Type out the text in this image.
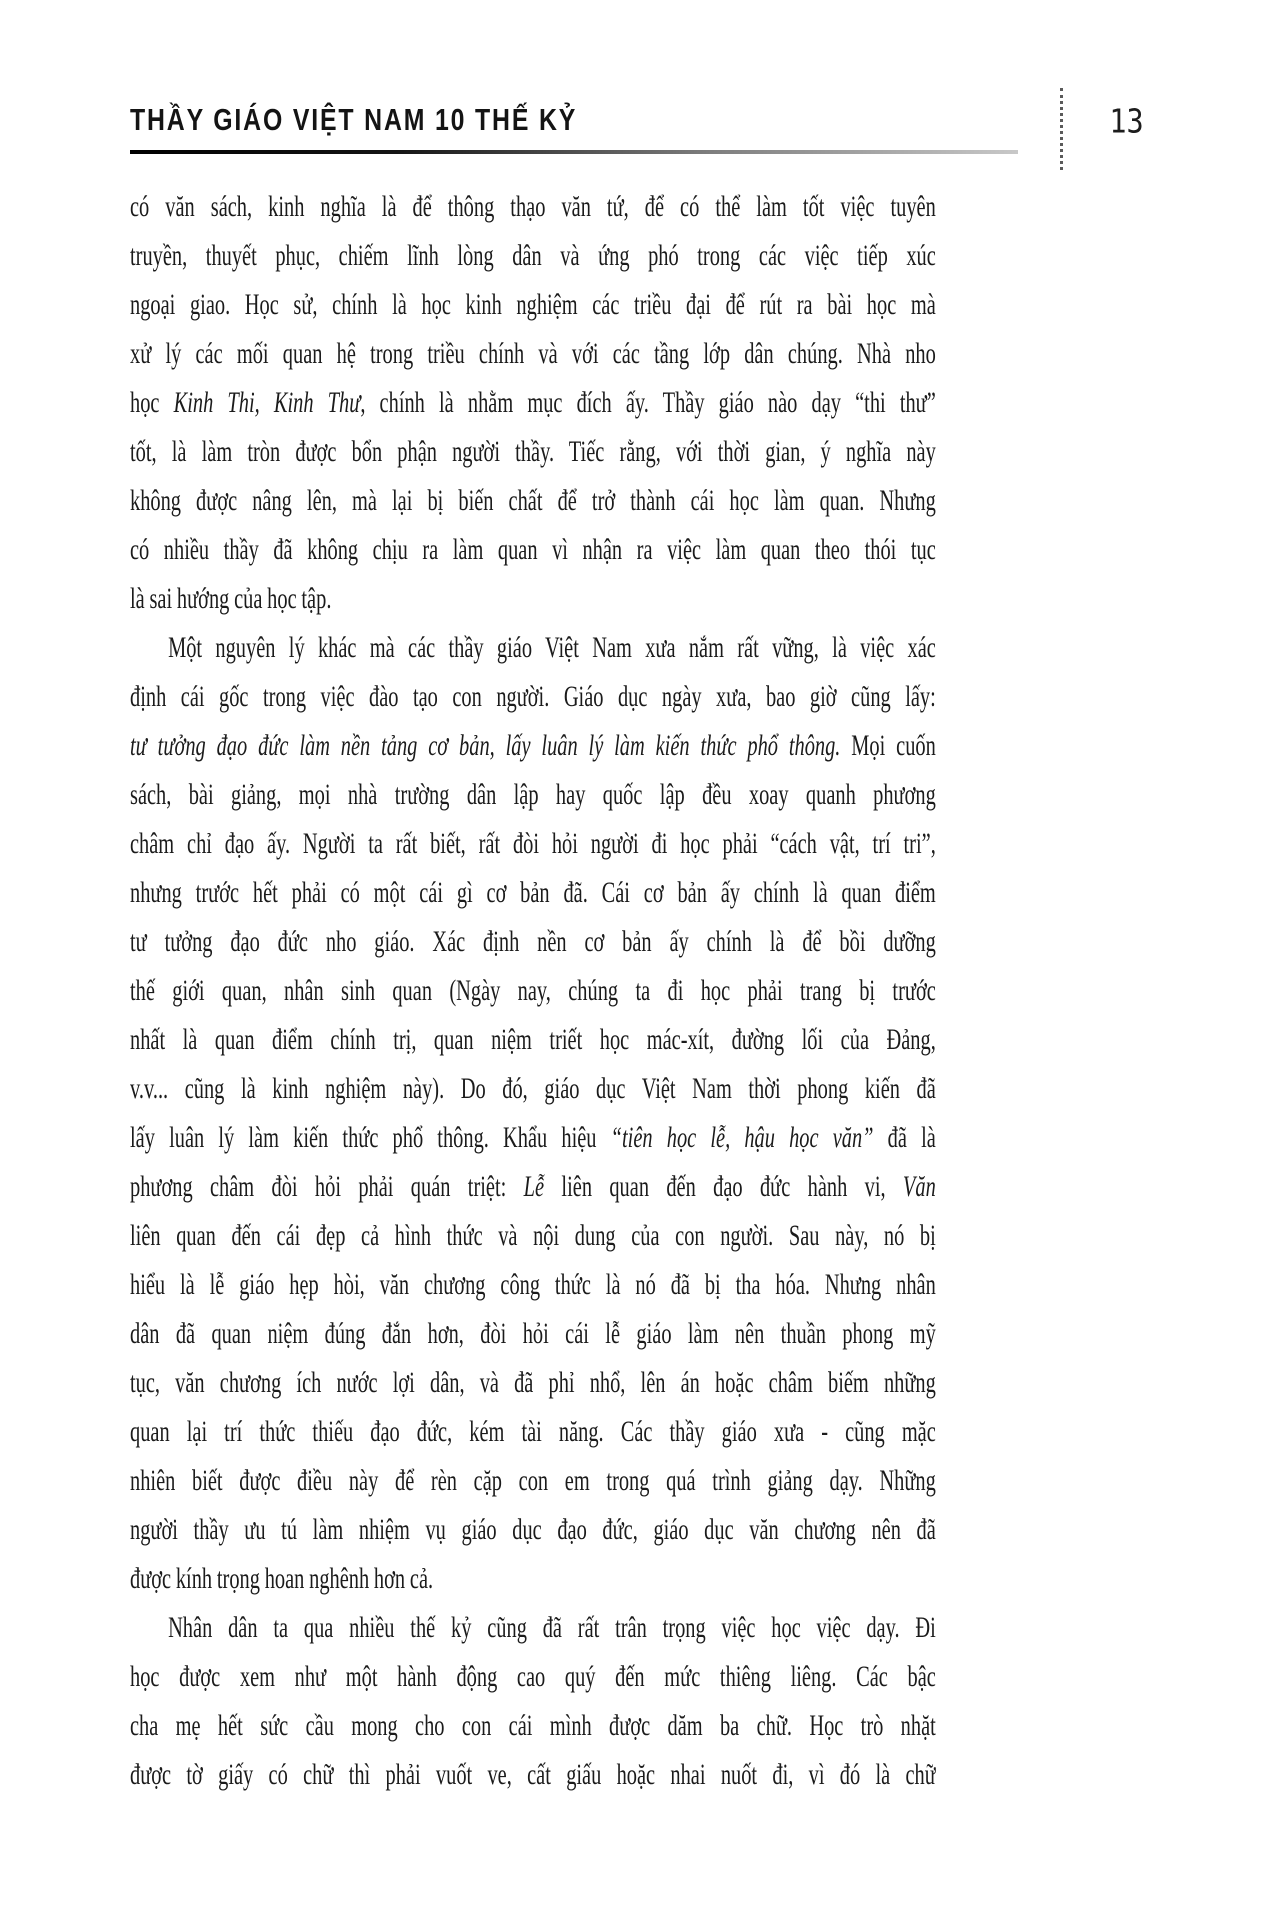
THẦY GIÁO VIỆT NAM 10 THẾ KỶ	13
có văn sách, kinh nghĩa là để thông thạo văn tứ, để có thể làm tốt việc tuyên
truyền, thuyết phục, chiếm lĩnh lòng dân và ứng phó trong các việc tiếp xúc
ngoại giao. Học sử, chính là học kinh nghiệm các triều đại để rút ra bài học mà
xử lý các mối quan hệ trong triều chính và với các tầng lớp dân chúng. Nhà nho
học Kinh Thi, Kinh Thư, chính là nhằm mục đích ấy. Thầy giáo nào dạy “thi thư”
tốt, là làm tròn được bổn phận người thầy. Tiếc rằng, với thời gian, ý nghĩa này
không được nâng lên, mà lại bị biến chất để trở thành cái học làm quan. Nhưng
có nhiều thầy đã không chịu ra làm quan vì nhận ra việc làm quan theo thói tục
là sai hướng của học tập.
Một nguyên lý khác mà các thầy giáo Việt Nam xưa nắm rất vững, là việc xác
định cái gốc trong việc đào tạo con người. Giáo dục ngày xưa, bao giờ cũng lấy:
tư tưởng đạo đức làm nền tảng cơ bản, lấy luân lý làm kiến thức phổ thông. Mọi cuốn
sách, bài giảng, mọi nhà trường dân lập hay quốc lập đều xoay quanh phương
châm chỉ đạo ấy. Người ta rất biết, rất đòi hỏi người đi học phải “cách vật, trí tri”,
nhưng trước hết phải có một cái gì cơ bản đã. Cái cơ bản ấy chính là quan điểm
tư tưởng đạo đức nho giáo. Xác định nền cơ bản ấy chính là để bồi dưỡng
thế giới quan, nhân sinh quan (Ngày nay, chúng ta đi học phải trang bị trước
nhất là quan điểm chính trị, quan niệm triết học mác-xít, đường lối của Đảng,
v.v... cũng là kinh nghiệm này). Do đó, giáo dục Việt Nam thời phong kiến đã
lấy luân lý làm kiến thức phổ thông. Khẩu hiệu “tiên học lễ, hậu học văn” đã là
phương châm đòi hỏi phải quán triệt: Lễ liên quan đến đạo đức hành vi, Văn
liên quan đến cái đẹp cả hình thức và nội dung của con người. Sau này, nó bị
hiểu là lễ giáo hẹp hòi, văn chương công thức là nó đã bị tha hóa. Nhưng nhân
dân đã quan niệm đúng đắn hơn, đòi hỏi cái lễ giáo làm nên thuần phong mỹ
tục, văn chương ích nước lợi dân, và đã phỉ nhổ, lên án hoặc châm biếm những
quan lại trí thức thiếu đạo đức, kém tài năng. Các thầy giáo xưa - cũng mặc
nhiên biết được điều này để rèn cặp con em trong quá trình giảng dạy. Những
người thầy ưu tú làm nhiệm vụ giáo dục đạo đức, giáo dục văn chương nên đã
được kính trọng hoan nghênh hơn cả.
Nhân dân ta qua nhiều thế kỷ cũng đã rất trân trọng việc học việc dạy. Đi
học được xem như một hành động cao quý đến mức thiêng liêng. Các bậc
cha mẹ hết sức cầu mong cho con cái mình được dăm ba chữ. Học trò nhặt
được tờ giấy có chữ thì phải vuốt ve, cất giấu hoặc nhai nuốt đi, vì đó là chữ
